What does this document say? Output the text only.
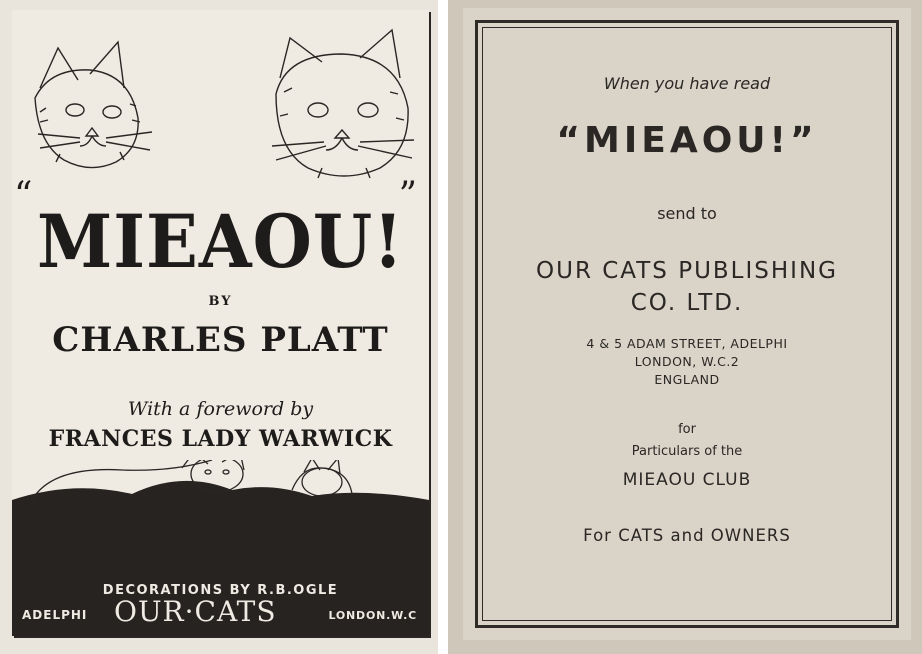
“	”
MIEAOU!
BY
CHARLES PLATT
With a foreword by
FRANCES LADY WARWICK
DECORATIONS BY R.B.OGLE
ADELPHI OUR·CATS	LONDON.W.C
When you have read
“MIEAOU!”
send to
OUR CATS PUBLISHING
CO. LTD.
4 & 5 ADAM STREET, ADELPHI
LONDON, W.C.2
ENGLAND
for
Particulars of the
MIEAOU CLUB
For CATS and OWNERS
